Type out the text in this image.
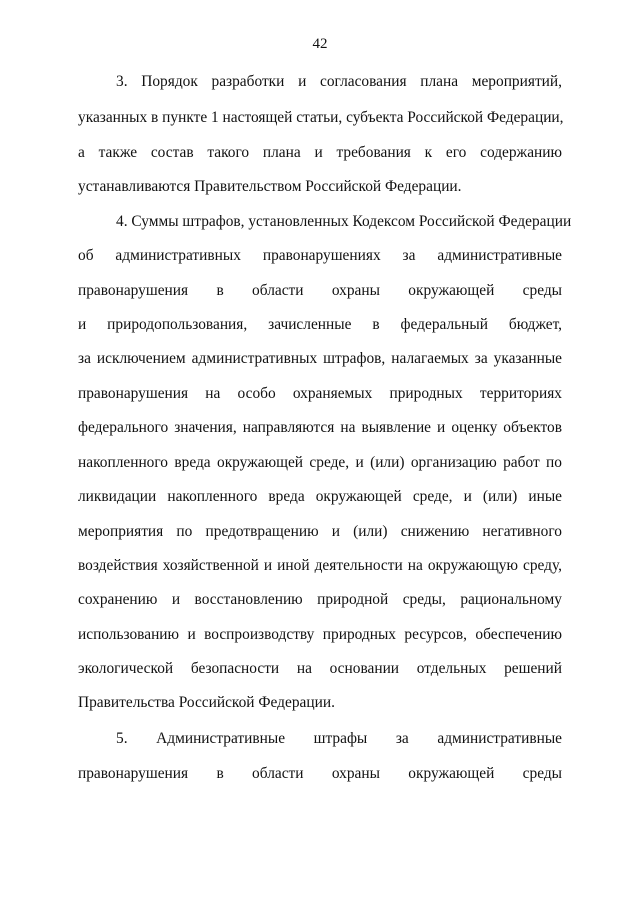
42
3. Порядок разработки и согласования плана мероприятий,
указанных в пункте 1 настоящей статьи, субъекта Российской Федерации,
а также состав такого плана и требования к его содержанию
устанавливаются Правительством Российской Федерации.
4. Суммы штрафов, установленных Кодексом Российской Федерации
об административных правонарушениях за административные
правонарушения в области охраны окружающей среды
и природопользования, зачисленные в федеральный бюджет,
за исключением административных штрафов, налагаемых за указанные
правонарушения на особо охраняемых природных территориях
федерального значения, направляются на выявление и оценку объектов
накопленного вреда окружающей среде, и (или) организацию работ по
ликвидации накопленного вреда окружающей среде, и (или) иные
мероприятия по предотвращению и (или) снижению негативного
воздействия хозяйственной и иной деятельности на окружающую среду,
сохранению и восстановлению природной среды, рациональному
использованию и воспроизводству природных ресурсов, обеспечению
экологической безопасности на основании отдельных решений
Правительства Российской Федерации.
5. Административные штрафы за административные
правонарушения в области охраны окружающей среды
